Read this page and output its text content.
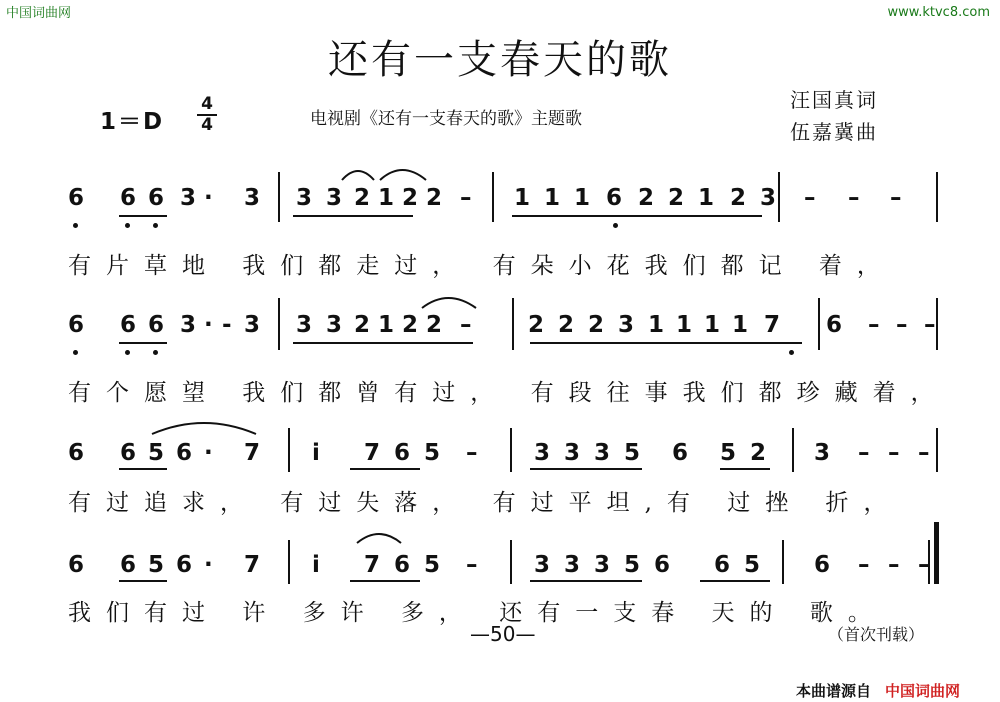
中国词曲网	www.ktvc8.com
还有一支春天的歌
1＝D
4
4	电视剧《还有一支春天的歌》主题歌
汪国真词
伍嘉冀曲
6 6 6 3 · 3 3 3 2 1 2 2 – 1 1 1 6 2 2 1 2 3 – – –
有片草地 我们都走过， 有朵小花我们都记 着，
6 6 6 3 · - 3 3 3 2 1 2 2 – 2 2 2 3 1 1 1 1 7 6 – – –
有个愿望 我们都曾有过， 有段往事我们都珍藏着，
6 6 5 6 · 7 i 7 6 5 – 3 3 3 5 6 5 2 3 – – –
有过追求， 有过失落， 有过平坦,有 过挫 折，
6 6 5 6 · 7 i 7 6 5 – 3 3 3 5 6 6 5 6 – – –
我们有过 许 多许 多， 还有一支春 天的 歌。
—50—	（首次刊载）
本曲谱源自 中国词曲网
